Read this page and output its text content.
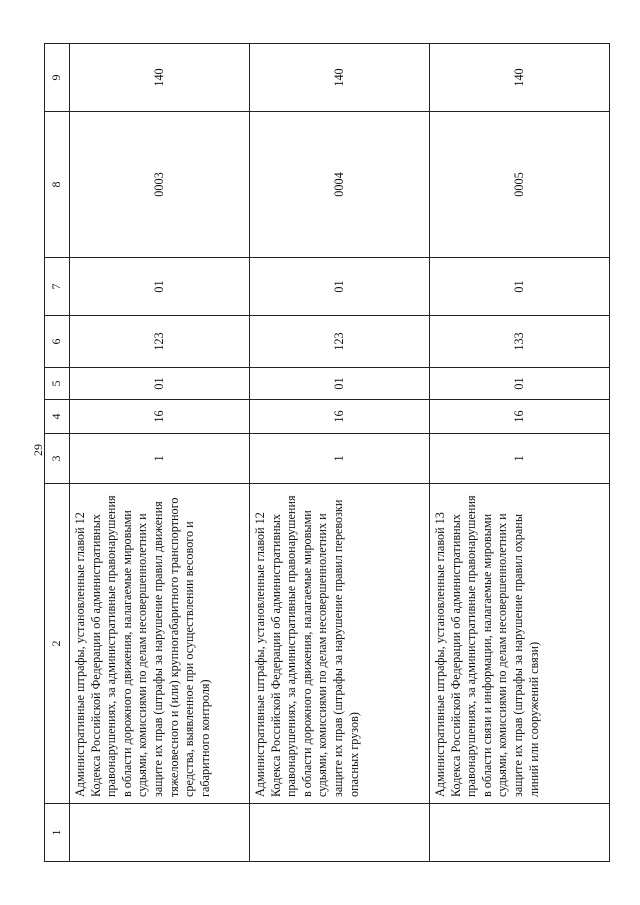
29
1	2	3	4	5	6	7	8	9
	Административные штрафы, установленные главой 12 Кодекса Российской Федерации об административных правонарушениях, за административные правонарушения в области дорожного движения, налагаемые мировыми судьями, комиссиями по делам несовершеннолетних и защите их прав (штрафы за нарушение правил движения тяжеловесного и (или) крупногабаритного транспортного средства, выявленное при осуществлении весового и габаритного контроля)	1	16	01	123	01	0003	140
	Административные штрафы, установленные главой 12 Кодекса Российской Федерации об административных правонарушениях, за административные правонарушения в области дорожного движения, налагаемые мировыми судьями, комиссиями по делам несовершеннолетних и защите их прав (штрафы за нарушение правил перевозки опасных грузов)	1	16	01	123	01	0004	140
	Административные штрафы, установленные главой 13 Кодекса Российской Федерации об административных правонарушениях, за административные правонарушения в области связи и информации, налагаемые мировыми судьями, комиссиями по делам несовершеннолетних и защите их прав (штрафы за нарушение правил охраны линий или сооружений связи)	1	16	01	133	01	0005	140
